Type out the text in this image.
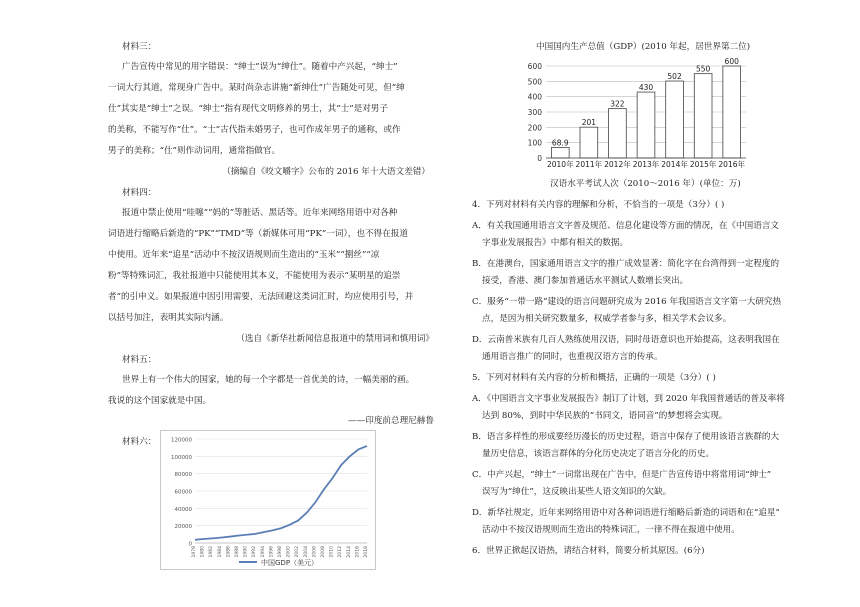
材料三：
广告宣传中常见的用字错误：“绅士”误为“绅仕”。随着中产兴起，“绅士”
一词大行其道，常现身广告中。某时尚杂志讲施“新绅仕”广告随处可见，但“绅
仕”其实是“绅士”之误。“绅士”指有现代文明修养的男士，其“士”是对男子
的美称，不能写作“仕”。“士”古代指未婚男子，也可作成年男子的通称，或作
男子的美称；“仕”则作动词用，通常指做官。
（摘编自《咬文嚼字》公布的 2016 年十大语文差错）
材料四：
报道中禁止使用“哇噻”“妈的”等脏话、黑话等。近年来网络用语中对各种
词语进行缩略后新造的“PK”“TMD”等（新媒体可用“PK”一词），也不得在报道
中使用。近年来“追星”活动中不按汉语规则而生造出的“玉米”“捌丝”“凉
粉”等特殊词汇，我社报道中只能使用其本义，不能使用为表示“某明星的追崇
者”的引申义。如果报道中因引用需要，无法回避这类词汇时，均应使用引号，并
以括号加注，表明其实际内涵。
（选自《新华社新闻信息报道中的禁用词和慎用词》
材料五：
世界上有一个伟大的国家，她的每一个字都是一首优美的诗，一幅美丽的画。
我说的这个国家就是中国。
——印度前总理尼赫鲁
材料六：
0
20000
40000
60000
80000
100000
120000
1978 1980 1982 1984 1986 1988 1990 1992 1994 1996 1998 2000 2002 2004 2006 2008 2010 2012 2014 2016 2018
中国GDP（美元）
中国国内生产总值（GDP）(2010 年起，居世界第二位)
0
100
200
300
400
500
600
68.9
2010年
201
2011年
322
2012年
430
2013年
502
2014年
550
2015年
600
2016年
汉语水平考试人次（2010～2016 年）(单位：万)
4．下列对材料有关内容的理解和分析，不恰当的一项是（3分）( )
A．有关我国通用语言文字普及规范、信息化建设等方面的情况，在《中国语言文
字事业发展报告》中都有相关的数据。
B．在港澳台，国家通用语言文字的推广成效显著：简化字在台湾得到一定程度的
接受，香港、澳门参加普通话水平测试人数增长突出。
C．服务“一带一路”建设的语言问题研究成为 2016 年我国语言文字第一大研究热
点，是因为相关研究数量多，权威学者参与多，相关学术会议多。
D．云南普米族有几百人熟练使用汉语，同时母语意识也开始提高，这表明我国在
通用语言推广的同时，也重视汉语方言的传承。
5．下列对材料有关内容的分析和概括，正确的一项是（3分）( )
A．《中国语言文字事业发展报告》制订了计划，到 2020 年我国普通话的普及率将
达到 80%，到时中华民族的“书同文，语同音”的梦想将会实现。
B．语言多样性的形成要经历漫长的历史过程，语言中保存了使用该语言族群的大
量历史信息，该语言群体的分化历史决定了语言分化的历史。
C．中产兴起，“绅士”一词常出现在广告中，但是广告宣传语中将常用词“绅士”
误写为“绅仕”，这反映出某些人语文知识的欠缺。
D．新华社规定，近年来网络用语中对各种词语进行缩略后新造的词语和在“追星”
活动中不按汉语规则而生造出的特殊词汇，一律不得在报道中使用。
6．世界正掀起汉语热，请结合材料，简要分析其原因。(6分)
